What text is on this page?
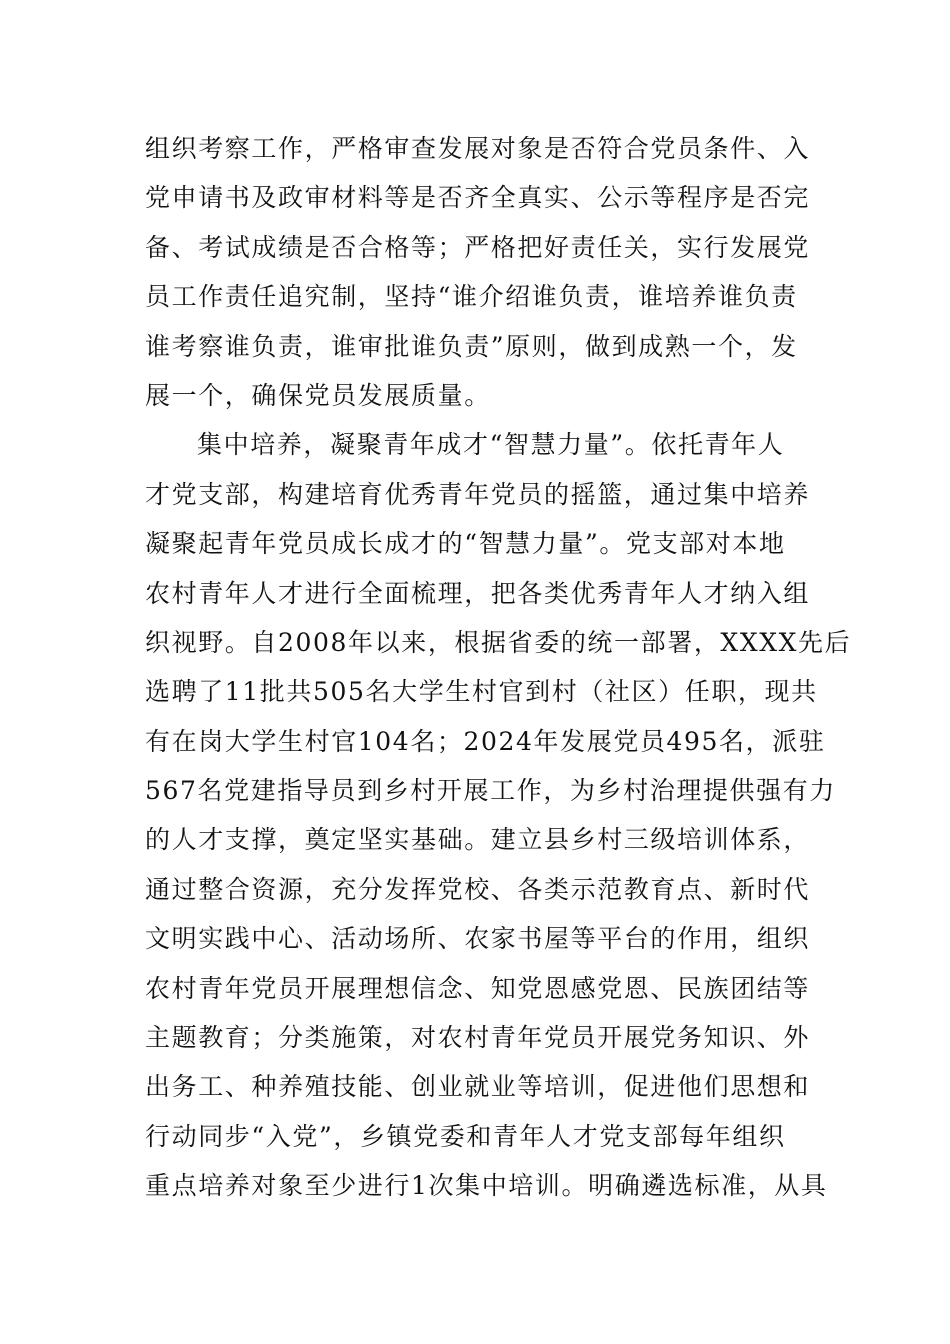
组织考察工作，严格审查发展对象是否符合党员条件、入
党申请书及政审材料等是否齐全真实、公示等程序是否完
备、考试成绩是否合格等；严格把好责任关，实行发展党
员工作责任追究制，坚持“谁介绍谁负责，谁培养谁负责
谁考察谁负责，谁审批谁负责”原则，做到成熟一个，发
展一个，确保党员发展质量。
集中培养，凝聚青年成才“智慧力量”。依托青年人
才党支部，构建培育优秀青年党员的摇篮，通过集中培养
凝聚起青年党员成长成才的“智慧力量”。党支部对本地
农村青年人才进行全面梳理，把各类优秀青年人才纳入组
织视野。自2008年以来，根据省委的统一部署，XXXX先后
选聘了11批共505名大学生村官到村（社区）任职，现共
有在岗大学生村官104名；2024年发展党员495名，派驻
567名党建指导员到乡村开展工作，为乡村治理提供强有力
的人才支撑，奠定坚实基础。建立县乡村三级培训体系，
通过整合资源，充分发挥党校、各类示范教育点、新时代
文明实践中心、活动场所、农家书屋等平台的作用，组织
农村青年党员开展理想信念、知党恩感党恩、民族团结等
主题教育；分类施策，对农村青年党员开展党务知识、外
出务工、种养殖技能、创业就业等培训，促进他们思想和
行动同步“入党”，乡镇党委和青年人才党支部每年组织
重点培养对象至少进行1次集中培训。明确遴选标准，从具
